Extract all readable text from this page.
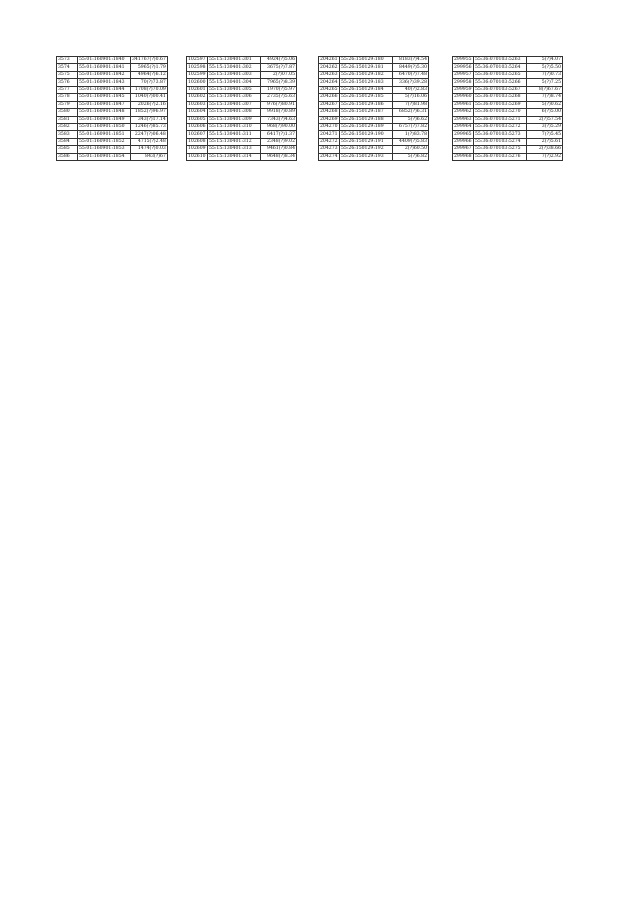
3573	55:01:160901:1840	341767(?)0.67
3574	55:01:160901:1841	5965(?)1.79
3575	55:01:160901:1842	4964(?)6.12
3576	55:01:160901:1843	70(?)73.87
3577	55:01:160901:1844	1708(?)70.09
3578	55:01:160901:1845	1040(?)00.41
3579	55:01:160901:1847	2026(?)2.16
3580	55:01:160901:1848	1852(?)96.97
3581	55:01:160901:1849	343(?)17.14
3582	55:01:160901:1850	1246(?)85.73
3583	55:01:160901:1851	2247(?)06.48
3584	55:01:160901:1852	4715(?)2.48
3585	55:01:160901:1853	1474(?)0.03
3586	55:01:160901:1854	843(?)67
102597	55:15:130401:301	4924(?)5.06
102598	55:15:130401:302	3675(?)7.87
102599	55:15:130401:303	2(?)07.05
102600	55:15:130401:304	7965(?)8.39
102601	55:15:130401:305	1970(?)5.97
102602	55:15:130401:306	2735(?)5.63
102603	55:15:130401:307	976(?)80.91
102604	55:15:130401:308	9918(?)0.89
102605	55:15:130401:309	7343(?)4.63
102606	55:15:130401:310	968(?)90.00
102607	55:15:130401:311	6417(?)1.37
102608	55:15:130401:312	2348(?)9.02
102609	55:15:130401:313	9461(?)0.84
102610	55:15:130401:314	9648(?)8.34
204261	55:26:150129:180	8183(?)4.54
204262	55:26:150129:181	8449(?)5.30
204263	55:26:150129:182	6470(?)7.48
204264	55:26:150129:183	336(?)39.28
204265	55:26:150129:184	40(?)2.83
204266	55:26:150129:185	5(?)16.06
204267	55:26:150129:186	7(?)81.98
204268	55:26:150129:187	6852(?)6.31
204269	55:26:150129:188	5(?)6.62
204270	55:26:150129:189	6757(?)7.82
204271	55:26:150129:190	1(?)83.78
204272	55:26:150129:191	4409(?)5.83
204273	55:26:150129:192	2(?)60.50
204274	55:26:150129:193	5(?)6.82
299955	55:36:070103:5263	5(?)4.07
299956	55:36:070103:5264	5(?)5.50
299957	55:36:070103:5265	7(?)0.73
299958	55:36:070103:5266	5(?)7.25
299959	55:36:070103:5267	8(?)67.67
299960	55:36:070103:5268	7(?)8.74
299961	55:36:070103:5269	5(?)0.62
299962	55:36:070103:5270	6(?)5.00
299963	55:36:070103:5271	2(?)57.54
299964	55:36:070103:5272	3(?)5.29
299965	55:36:070103:5273	7(?)5.45
299966	55:36:070103:5274	2(?)5.61
299967	55:36:070103:5275	2(?)38.66
299968	55:36:070103:5276	7(?)2.92
